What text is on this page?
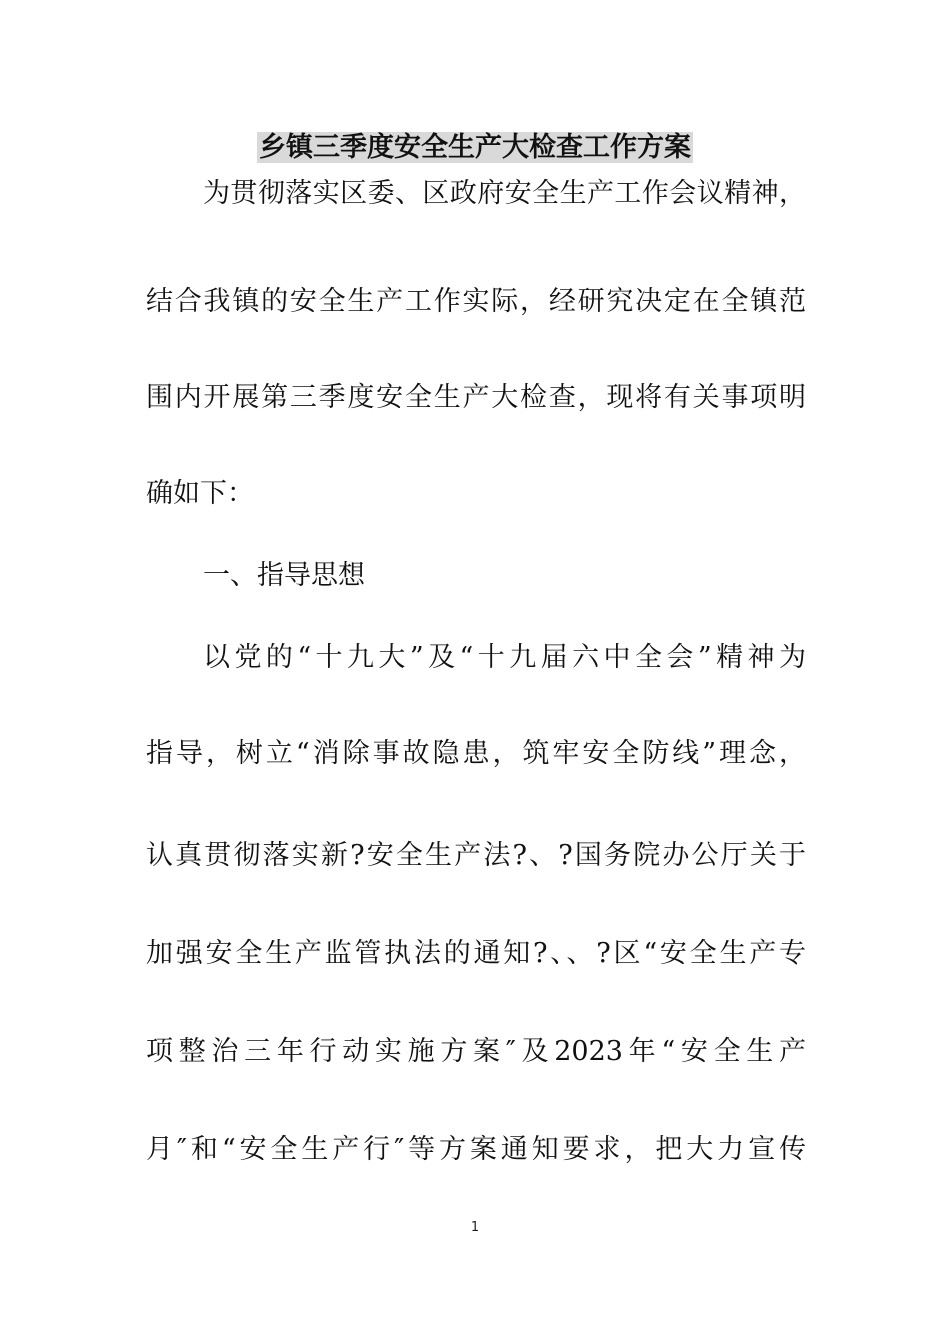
乡镇三季度安全生产大检查工作方案
为贯彻落实区委、区政府安全生产工作会议精神，
结合我镇的安全生产工作实际，经研究决定在全镇范
围内开展第三季度安全生产大检查，现将有关事项明
确如下：
一、指导思想
以党的“十九大”及“十九届六中全会”精神为
指导，树立“消除事故隐患，筑牢安全防线”理念，
认真贯彻落实新?安全生产法?、?国务院办公厅关于
加强安全生产监管执法的通知?、、?区“安全生产专
项整治三年行动实施方案″及2023年“安全生产
月″和“安全生产行″等方案通知要求，把大力宣传
1
